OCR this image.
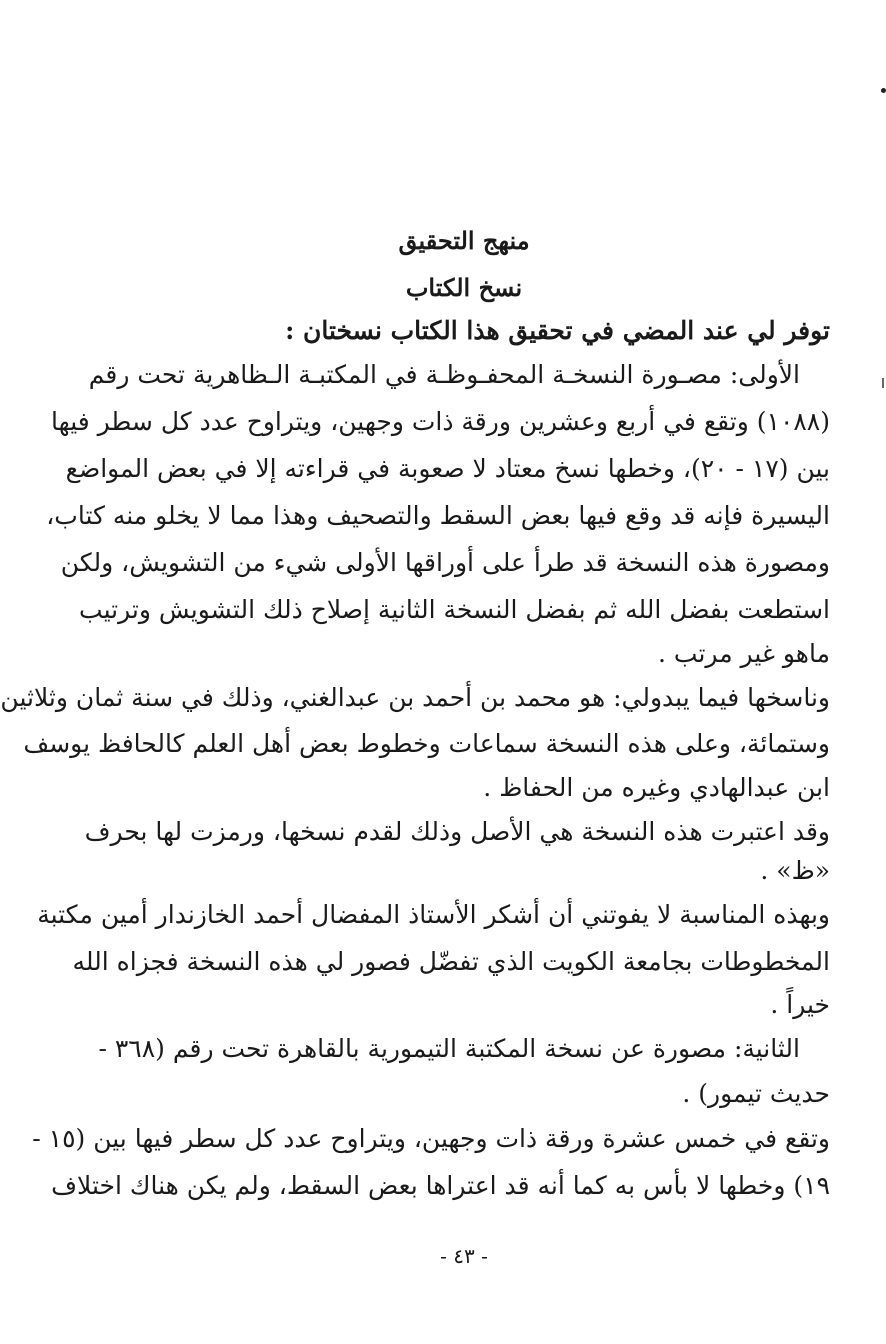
منهج التحقيق
نسخ الكتاب
توفر لي عند المضي في تحقيق هذا الكتاب نسختان :
الأولى: مصـورة النسخـة المحفـوظـة في المكتبـة الـظاهرية تحت رقم
(١٠٨٨) وتقع في أربع وعشرين ورقة ذات وجهين، ويتراوح عدد كل سطر فيها
بين (١٧ - ٢٠)، وخطها نسخ معتاد لا صعوبة في قراءته إلا في بعض المواضع
اليسيرة فإنه قد وقع فيها بعض السقط والتصحيف وهذا مما لا يخلو منه كتاب،
ومصورة هذه النسخة قد طرأ على أوراقها الأولى شيء من التشويش، ولكن
استطعت بفضل الله ثم بفضل النسخة الثانية إصلاح ذلك التشويش وترتيب
ماهو غير مرتب .
وناسخها فيما يبدولي: هو محمد بن أحمد بن عبدالغني، وذلك في سنة ثمان وثلاثين
وستمائة، وعلى هذه النسخة سماعات وخطوط بعض أهل العلم كالحافظ يوسف
ابن عبدالهادي وغيره من الحفاظ .
وقد اعتبرت هذه النسخة هي الأصل وذلك لقدم نسخها، ورمزت لها بحرف
«ظ» .
وبهذه المناسبة لا يفوتني أن أشكر الأستاذ المفضال أحمد الخازندار أمين مكتبة
المخطوطات بجامعة الكويت الذي تفضّل فصور لي هذه النسخة فجزاه الله
خيراً .
الثانية: مصورة عن نسخة المكتبة التيمورية بالقاهرة تحت رقم (٣٦٨ -
حديث تيمور) .
وتقع في خمس عشرة ورقة ذات وجهين، ويتراوح عدد كل سطر فيها بين (١٥ -
١٩) وخطها لا بأس به كما أنه قد اعتراها بعض السقط، ولم يكن هناك اختلاف
- ٤٣ -
